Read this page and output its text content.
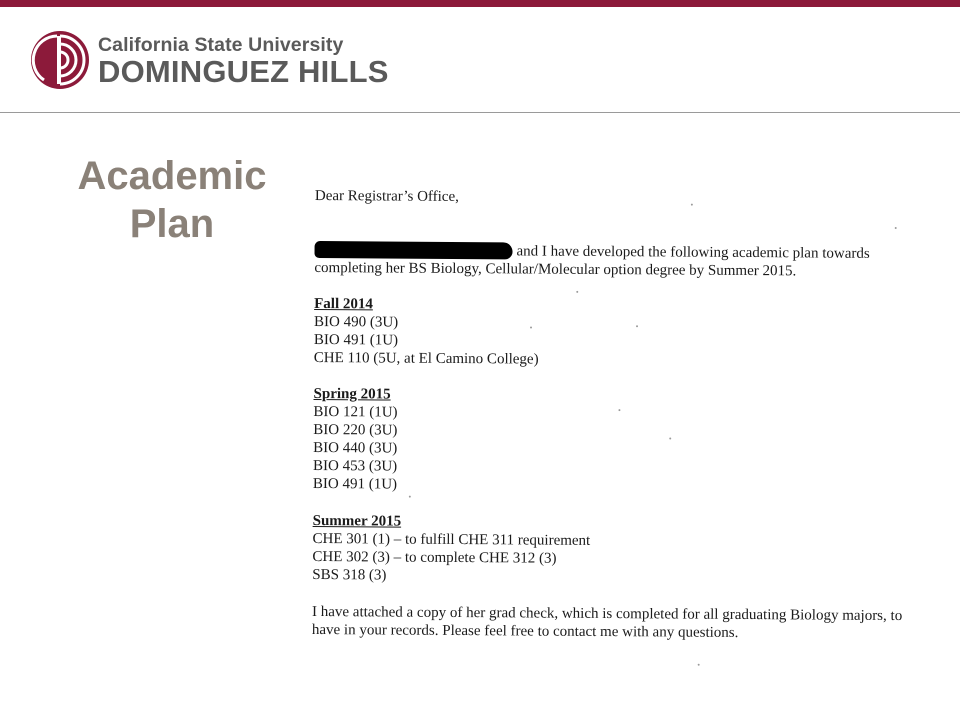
California State University
DOMINGUEZ HILLS
Academic
Plan
Dear Registrar’s Office,
and I have developed the following academic plan towards
completing her BS Biology, Cellular/Molecular option degree by Summer 2015.
Fall 2014
BIO 490 (3U)
BIO 491 (1U)
CHE 110 (5U, at El Camino College)
Spring 2015
BIO 121 (1U)
BIO 220 (3U)
BIO 440 (3U)
BIO 453 (3U)
BIO 491 (1U)
Summer 2015
CHE 301 (1) – to fulfill CHE 311 requirement
CHE 302 (3) – to complete CHE 312 (3)
SBS 318 (3)
I have attached a copy of her grad check, which is completed for all graduating Biology majors, to
have in your records. Please feel free to contact me with any questions.
